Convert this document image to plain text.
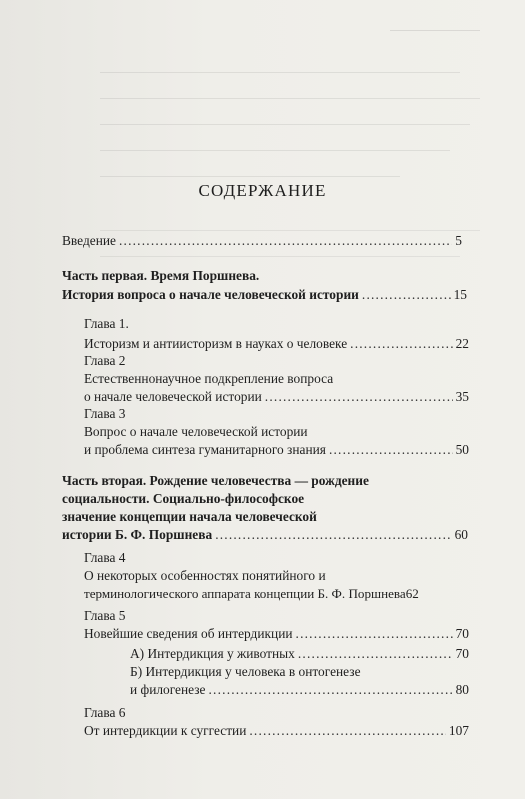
СОДЕРЖАНИЕ
Введение .....	5
Часть первая. Время Поршнева.
История вопроса о начале человеческой истории .....	15
Глава 1.
Историзм и антиисторизм в науках о человеке .....	22
Глава 2
Естественнонаучное подкрепление вопроса
о начале человеческой истории .....	35
Глава 3
Вопрос о начале человеческой истории
и проблема синтеза гуманитарного знания .....	50
Часть вторая. Рождение человечества — рождение
социальности. Социально-философское
значение концепции начала человеческой
истории Б. Ф. Поршнева .....	60
Глава 4
О некоторых особенностях понятийного и
терминологического аппарата концепции Б. Ф. Поршнева 62
Глава 5
Новейшие сведения об интердикции .....	70
А) Интердикция у животных .....	70
Б) Интердикция у человека в онтогенезе
и филогенезе .....	80
Глава 6
От интердикции к суггестии .....	107
